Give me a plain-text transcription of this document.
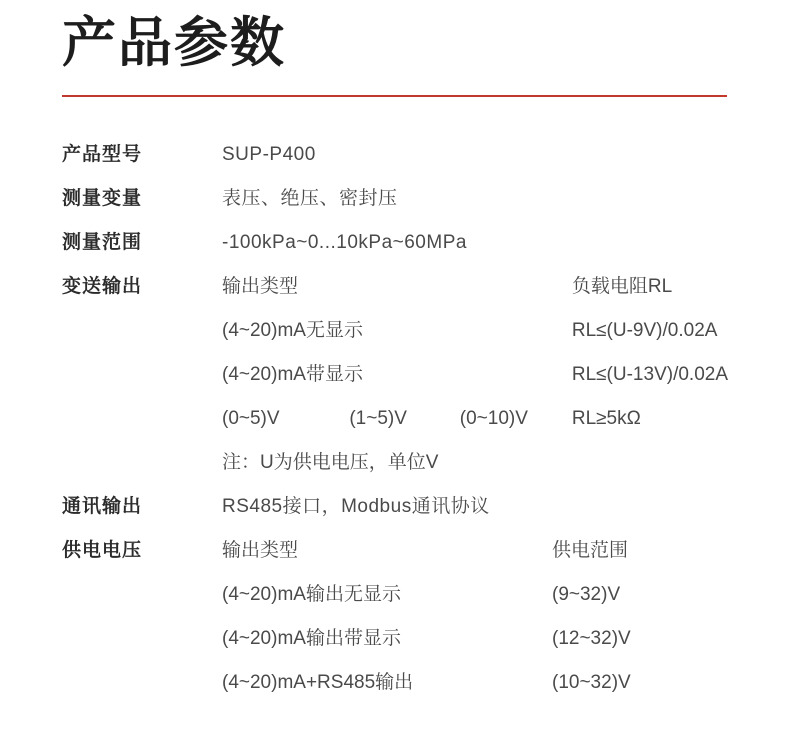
产品参数
产品型号	SUP-P400
测量变量	表压、绝压、密封压
测量范围	-100kPa~0...10kPa~60MPa
变送输出		输出类型	负载电阻RL
(4~20)mA无显示	RL≤(U-9V)/0.02A
(4~20)mA带显示	RL≤(U-13V)/0.02A
(0~5)V	(1~5)V	(0~10)V	RL≥5kΩ
注：U为供电电压，单位V

通讯输出	RS485接口，Modbus通讯协议
供电电压		输出类型	供电范围
(4~20)mA输出无显示	(9~32)V
(4~20)mA输出带显示	(12~32)V
(4~20)mA+RS485输出	(10~32)V
